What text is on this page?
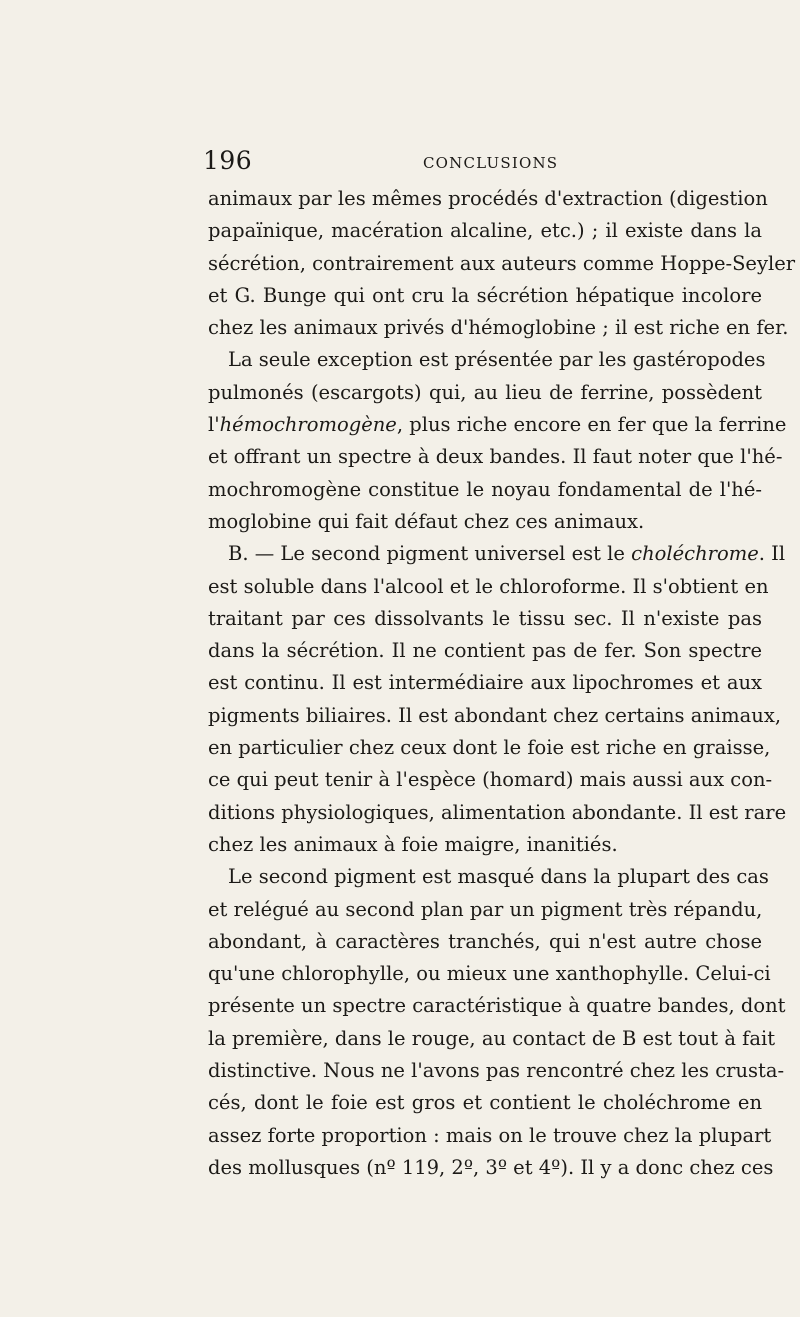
196	CONCLUSIONS
animaux par les mêmes procédés d'extraction (digestion
papaïnique, macération alcaline, etc.) ; il existe dans la
sécrétion, contrairement aux auteurs comme Hoppe-Seyler
et G. Bunge qui ont cru la sécrétion hépatique incolore
chez les animaux privés d'hémoglobine ; il est riche en fer.
La seule exception est présentée par les gastéropodes
pulmonés (escargots) qui, au lieu de ferrine, possèdent
l'hémochromogène, plus riche encore en fer que la ferrine
et offrant un spectre à deux bandes. Il faut noter que l'hé-
mochromogène constitue le noyau fondamental de l'hé-
moglobine qui fait défaut chez ces animaux.
B. — Le second pigment universel est le choléchrome. Il
est soluble dans l'alcool et le chloroforme. Il s'obtient en
traitant par ces dissolvants le tissu sec. Il n'existe pas
dans la sécrétion. Il ne contient pas de fer. Son spectre
est continu. Il est intermédiaire aux lipochromes et aux
pigments biliaires. Il est abondant chez certains animaux,
en particulier chez ceux dont le foie est riche en graisse,
ce qui peut tenir à l'espèce (homard) mais aussi aux con-
ditions physiologiques, alimentation abondante. Il est rare
chez les animaux à foie maigre, inanitiés.
Le second pigment est masqué dans la plupart des cas
et relégué au second plan par un pigment très répandu,
abondant, à caractères tranchés, qui n'est autre chose
qu'une chlorophylle, ou mieux une xanthophylle. Celui-ci
présente un spectre caractéristique à quatre bandes, dont
la première, dans le rouge, au contact de B est tout à fait
distinctive. Nous ne l'avons pas rencontré chez les crusta-
cés, dont le foie est gros et contient le choléchrome en
assez forte proportion : mais on le trouve chez la plupart
des mollusques (nº 119, 2º, 3º et 4º). Il y a donc chez ces
